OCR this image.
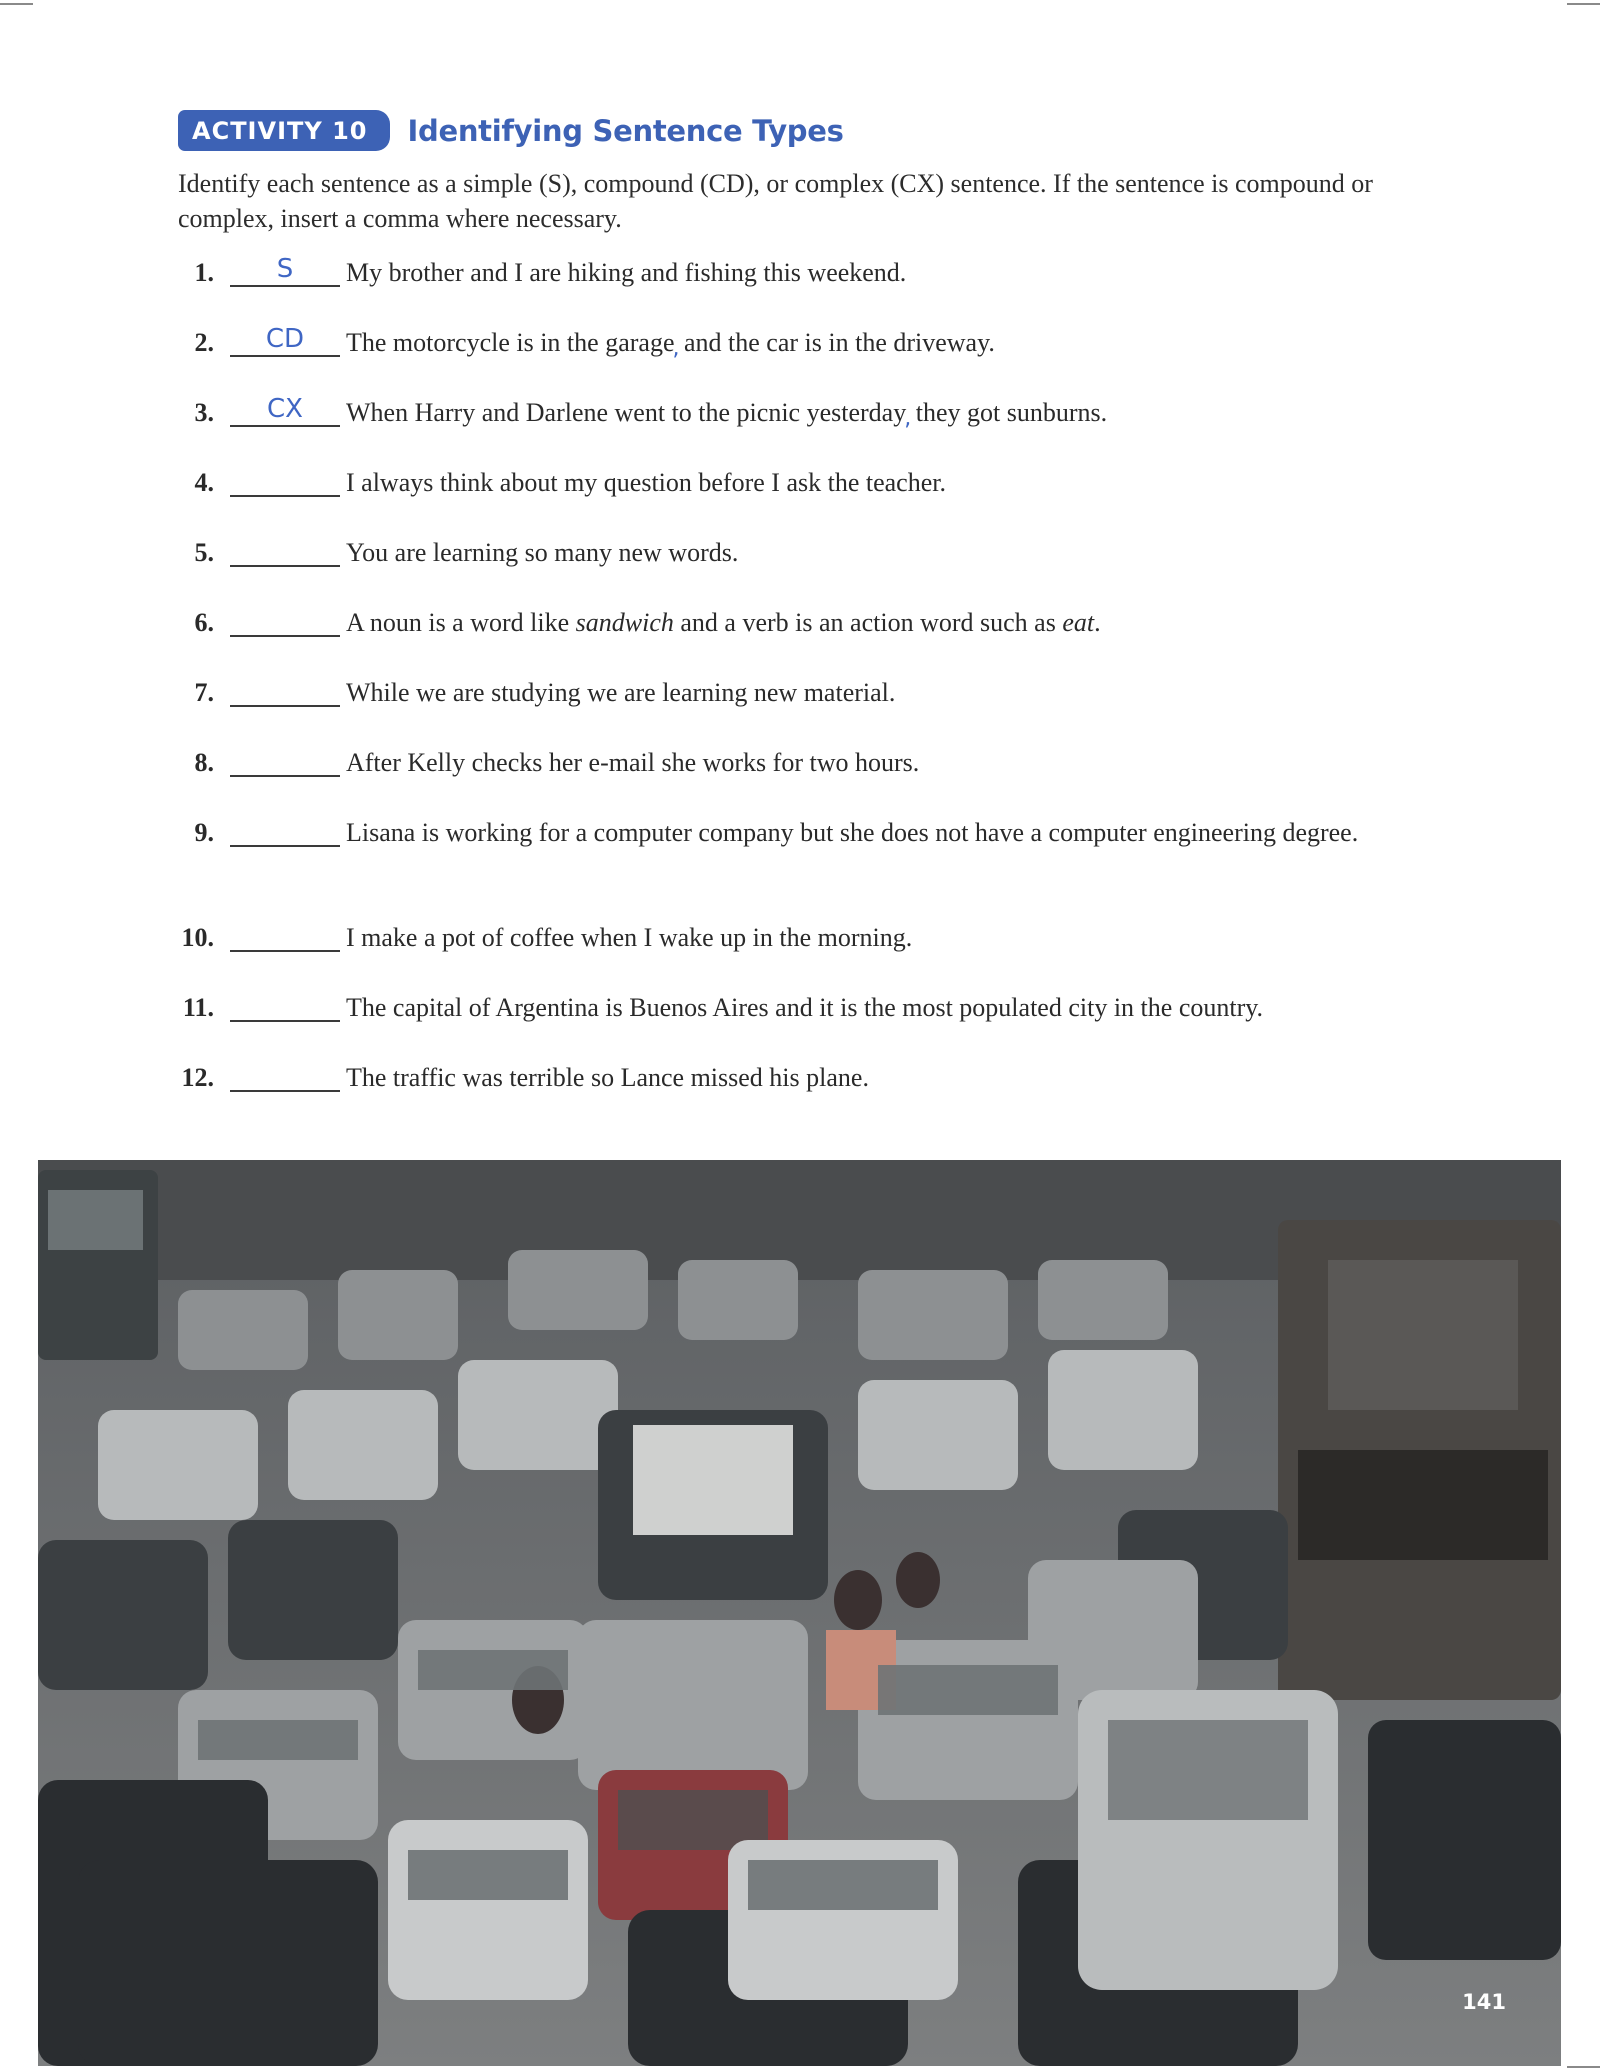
ACTIVITY 10	Identifying Sentence Types
Identify each sentence as a simple (S), compound (CD), or complex (CX) sentence. If the sentence is compound or complex, insert a comma where necessary.
1.	S	My brother and I are hiking and fishing this weekend.
2.	CD	The motorcycle is in the garage, and the car is in the driveway.
3.	CX	When Harry and Darlene went to the picnic yesterday, they got sunburns.
4.	I always think about my question before I ask the teacher.
5.	You are learning so many new words.
6.	A noun is a word like sandwich and a verb is an action word such as eat.
7.	While we are studying we are learning new material.
8.	After Kelly checks her e-mail she works for two hours.
9.	Lisana is working for a computer company but she does not have a computer engineering degree.
10.	I make a pot of coffee when I wake up in the morning.
11.	The capital of Argentina is Buenos Aires and it is the most populated city in the country.
12.	The traffic was terrible so Lance missed his plane.
141
